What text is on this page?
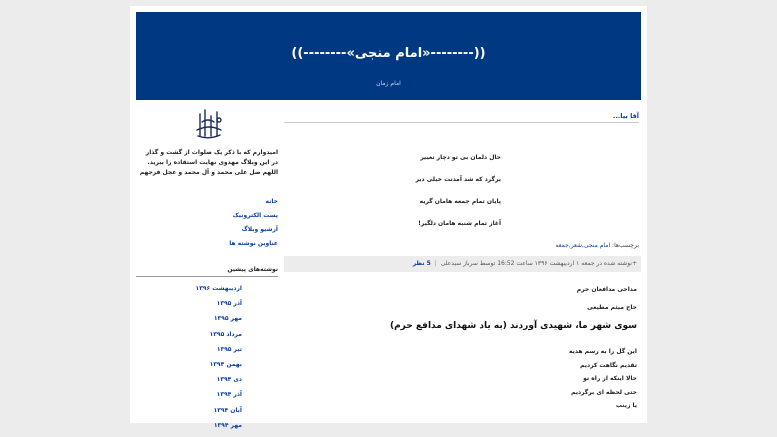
((--------«امام منجی»--------))
امام زمان
امیدوارم که با ذکر یک صلوات از گشت و گذار در این وبلاگ مهدوی نهایت استفاده را ببرید. اللهم صل علی محمد و آل محمد و عجل فرجهم
خانه
پست الکترونیک
آرشیو وبلاگ
عناوین نوشته ها
نوشته‌های پیشین
اردیبهشت ۱۳۹۶
آذر ۱۳۹۵
مهر ۱۳۹۵
مرداد ۱۳۹۵
تیر ۱۳۹۵
بهمن ۱۳۹۴
دی ۱۳۹۴
آذر ۱۳۹۴
آبان ۱۳۹۴
مهر ۱۳۹۴
آقا بیا...
حال دلمان بی تو دچار تغییر
برگرد که شد آمدنت خیلی دیر
پایان تمام جمعه هامان گریه
آغاز تمام شنبه هامان دلگیر!
برچسب‌ها: امام منجی,شعر,جمعه
+نوشته شده در جمعه ۱ اردیبهشت ۱۳۹۶ ساعت 16:52 توسط سرباز سیدعلی | 5 نظر
مداحی مدافعان حرم
حاج میثم مطیعی
سوی شهر ما، شهیدی آوردند (به یاد شهدای مدافع حرم)
این گل را به رسم هدیه
تقدیم نگاهت کردیم
حالا اینکه از راه تو
حتی لحظه ای برگردیم
یا زینب
